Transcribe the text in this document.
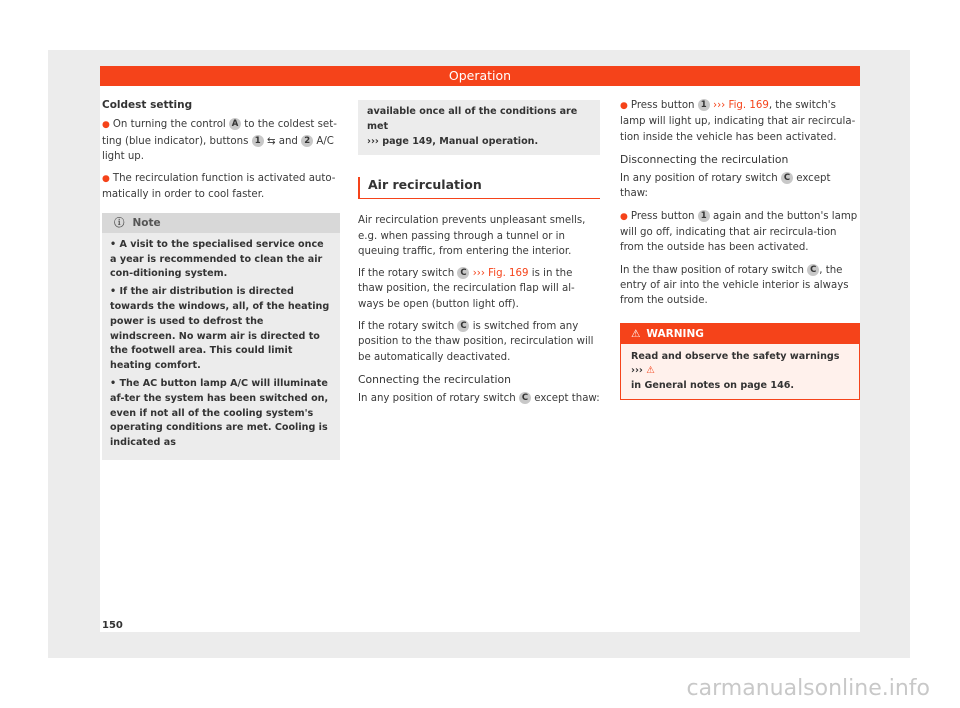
Operation
Coldest setting
● On turning the control A to the coldest set-ting (blue indicator), buttons 1 ⇆ and 2 A/C light up.
● The recirculation function is activated auto-matically in order to cool faster.
ⓘ Note
• A visit to the specialised service once a year is recommended to clean the air con-ditioning system.
• If the air distribution is directed towards the windows, all, of the heating power is used to defrost the windscreen. No warm air is directed to the footwell area. This could limit heating comfort.
• The AC button lamp A/C will illuminate af-ter the system has been switched on, even if not all of the cooling system's operating conditions are met. Cooling is indicated as
available once all of the conditions are met
››› page 149, Manual operation.
Air recirculation
Air recirculation prevents unpleasant smells, e.g. when passing through a tunnel or in queuing traffic, from entering the interior.
If the rotary switch C ››› Fig. 169 is in the thaw position, the recirculation flap will al-ways be open (button light off).
If the rotary switch C is switched from any position to the thaw position, recirculation will be automatically deactivated.
Connecting the recirculation
In any position of rotary switch C except thaw:
● Press button 1 ››› Fig. 169, the switch's lamp will light up, indicating that air recircula-tion inside the vehicle has been activated.
Disconnecting the recirculation
In any position of rotary switch C except thaw:
● Press button 1 again and the button's lamp will go off, indicating that air recircula-tion from the outside has been activated.
In the thaw position of rotary switch C , the entry of air into the vehicle interior is always from the outside.
⚠ WARNING
Read and observe the safety warnings ››› ⚠
in General notes on page 146.
150
carmanualsonline.info
